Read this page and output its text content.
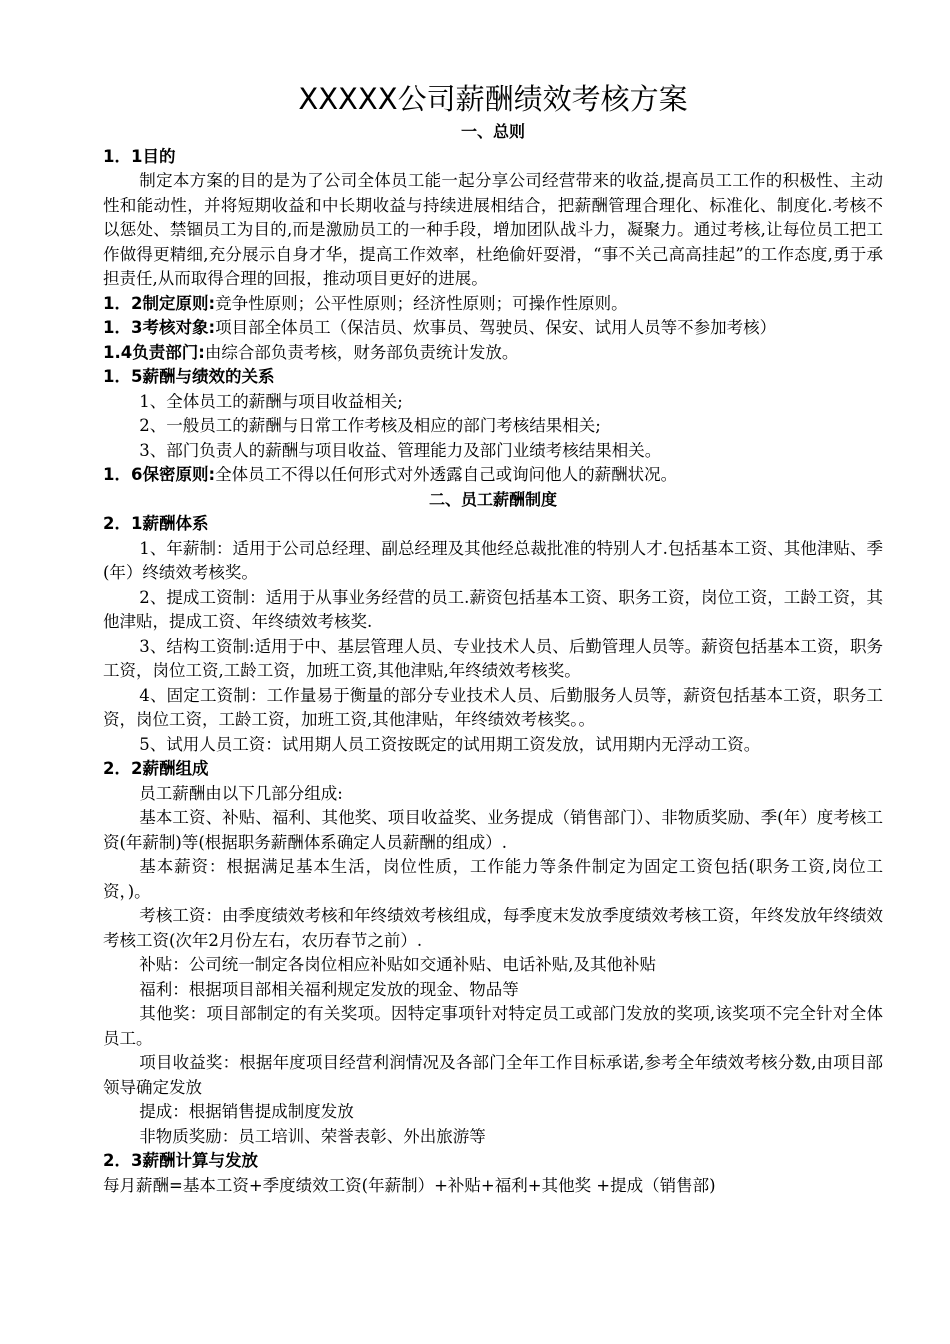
XXXXX公司薪酬绩效考核方案
一、总则
1．1目的
制定本方案的目的是为了公司全体员工能一起分享公司经营带来的收益,提高员工工作的积极性、主动性和能动性，并将短期收益和中长期收益与持续进展相结合，把薪酬管理合理化、标准化、制度化.考核不以惩处、禁锢员工为目的,而是激励员工的一种手段，增加团队战斗力，凝聚力。通过考核,让每位员工把工作做得更精细,充分展示自身才华，提高工作效率，杜绝偷奸耍滑，“事不关己高高挂起”的工作态度,勇于承担责任,从而取得合理的回报，推动项目更好的进展。
1．2制定原则:竞争性原则；公平性原则；经济性原则；可操作性原则。
1．3考核对象:项目部全体员工（保洁员、炊事员、驾驶员、保安、试用人员等不参加考核）
1.4负责部门:由综合部负责考核，财务部负责统计发放。
1．5薪酬与绩效的关系
1、全体员工的薪酬与项目收益相关;
2、一般员工的薪酬与日常工作考核及相应的部门考核结果相关;
3、部门负责人的薪酬与项目收益、管理能力及部门业绩考核结果相关。
1．6保密原则:全体员工不得以任何形式对外透露自己或询问他人的薪酬状况。
二、员工薪酬制度
2．1薪酬体系
1、年薪制：适用于公司总经理、副总经理及其他经总裁批准的特别人才.包括基本工资、其他津贴、季(年）终绩效考核奖。
2、提成工资制：适用于从事业务经营的员工.薪资包括基本工资、职务工资，岗位工资，工龄工资，其他津贴，提成工资、年终绩效考核奖.
3、结构工资制:适用于中、基层管理人员、专业技术人员、后勤管理人员等。薪资包括基本工资，职务工资，岗位工资,工龄工资，加班工资,其他津贴,年终绩效考核奖。
4、固定工资制：工作量易于衡量的部分专业技术人员、后勤服务人员等，薪资包括基本工资，职务工资，岗位工资，工龄工资，加班工资,其他津贴，年终绩效考核奖。。
5、试用人员工资：试用期人员工资按既定的试用期工资发放，试用期内无浮动工资。
2．2薪酬组成
员工薪酬由以下几部分组成:
基本工资、补贴、福利、其他奖、项目收益奖、业务提成（销售部门）、非物质奖励、季(年）度考核工资(年薪制)等(根据职务薪酬体系确定人员薪酬的组成）.
基本薪资：根据满足基本生活，岗位性质，工作能力等条件制定为固定工资包括(职务工资,岗位工资，)。
考核工资：由季度绩效考核和年终绩效考核组成，每季度末发放季度绩效考核工资，年终发放年终绩效考核工资(次年2月份左右，农历春节之前）.
补贴：公司统一制定各岗位相应补贴如交通补贴、电话补贴,及其他补贴
福利：根据项目部相关福利规定发放的现金、物品等
其他奖：项目部制定的有关奖项。因特定事项针对特定员工或部门发放的奖项,该奖项不完全针对全体员工。
项目收益奖：根据年度项目经营利润情况及各部门全年工作目标承诺,参考全年绩效考核分数,由项目部领导确定发放
提成：根据销售提成制度发放
非物质奖励：员工培训、荣誉表彰、外出旅游等
2．3薪酬计算与发放
每月薪酬=基本工资+季度绩效工资(年薪制）+补贴+福利+其他奖 +提成（销售部)
